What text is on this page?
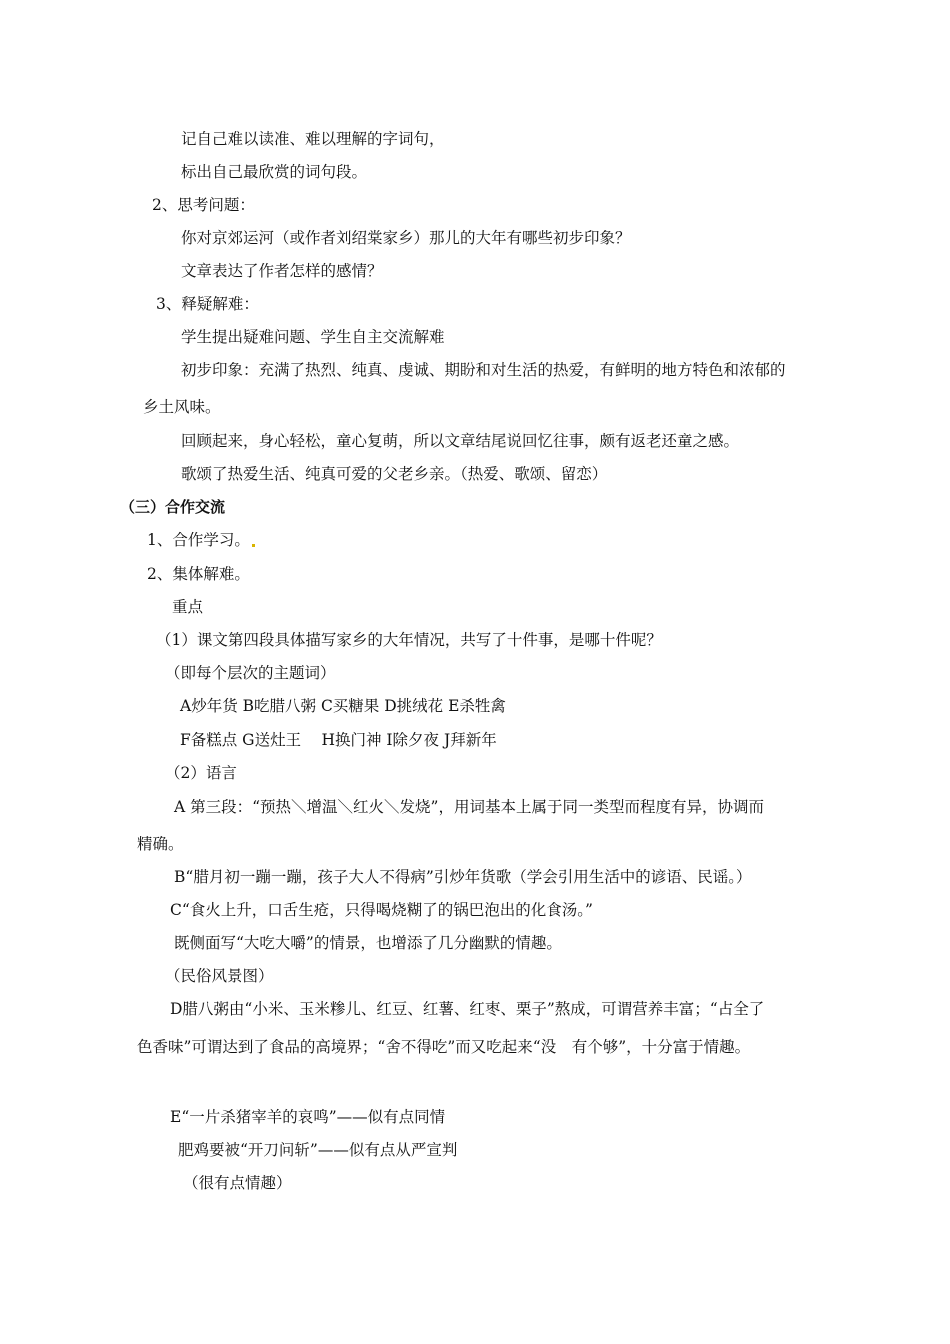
记自己难以读准、难以理解的字词句，
标出自己最欣赏的词句段。
2、思考问题：
你对京郊运河（或作者刘绍棠家乡）那儿的大年有哪些初步印象？
文章表达了作者怎样的感情？
3、释疑解难：
学生提出疑难问题、学生自主交流解难
初步印象：充满了热烈、纯真、虔诚、期盼和对生活的热爱，有鲜明的地方特色和浓郁的
乡土风味。
回顾起来，身心轻松，童心复萌，所以文章结尾说回忆往事，颇有返老还童之感。
歌颂了热爱生活、纯真可爱的父老乡亲。（热爱、歌颂、留恋）
（三）合作交流
1、合作学习。
2、集体解难。
重点
（1）课文第四段具体描写家乡的大年情况，共写了十件事，是哪十件呢？
（即每个层次的主题词）
A炒年货 B吃腊八粥 C买糖果 D挑绒花 E杀牲禽
F备糕点 G送灶王　 H换门神 I除夕夜 J拜新年
（2）语言
A 第三段：“预热＼增温＼红火＼发烧”，用词基本上属于同一类型而程度有异，协调而
精确。
B“腊月初一蹦一蹦，孩子大人不得病”引炒年货歌（学会引用生活中的谚语、民谣。）
C“食火上升，口舌生疮，只得喝烧糊了的锅巴泡出的化食汤。”
既侧面写“大吃大嚼”的情景，也增添了几分幽默的情趣。
（民俗风景图）
D腊八粥由“小米、玉米糁儿、红豆、红薯、红枣、栗子”熬成，可谓营养丰富；“占全了
色香味”可谓达到了食品的高境界；“舍不得吃”而又吃起来“没　有个够”，十分富于情趣。
E“一片杀猪宰羊的哀鸣”——似有点同情
肥鸡要被“开刀问斩”——似有点从严宣判
（很有点情趣）
